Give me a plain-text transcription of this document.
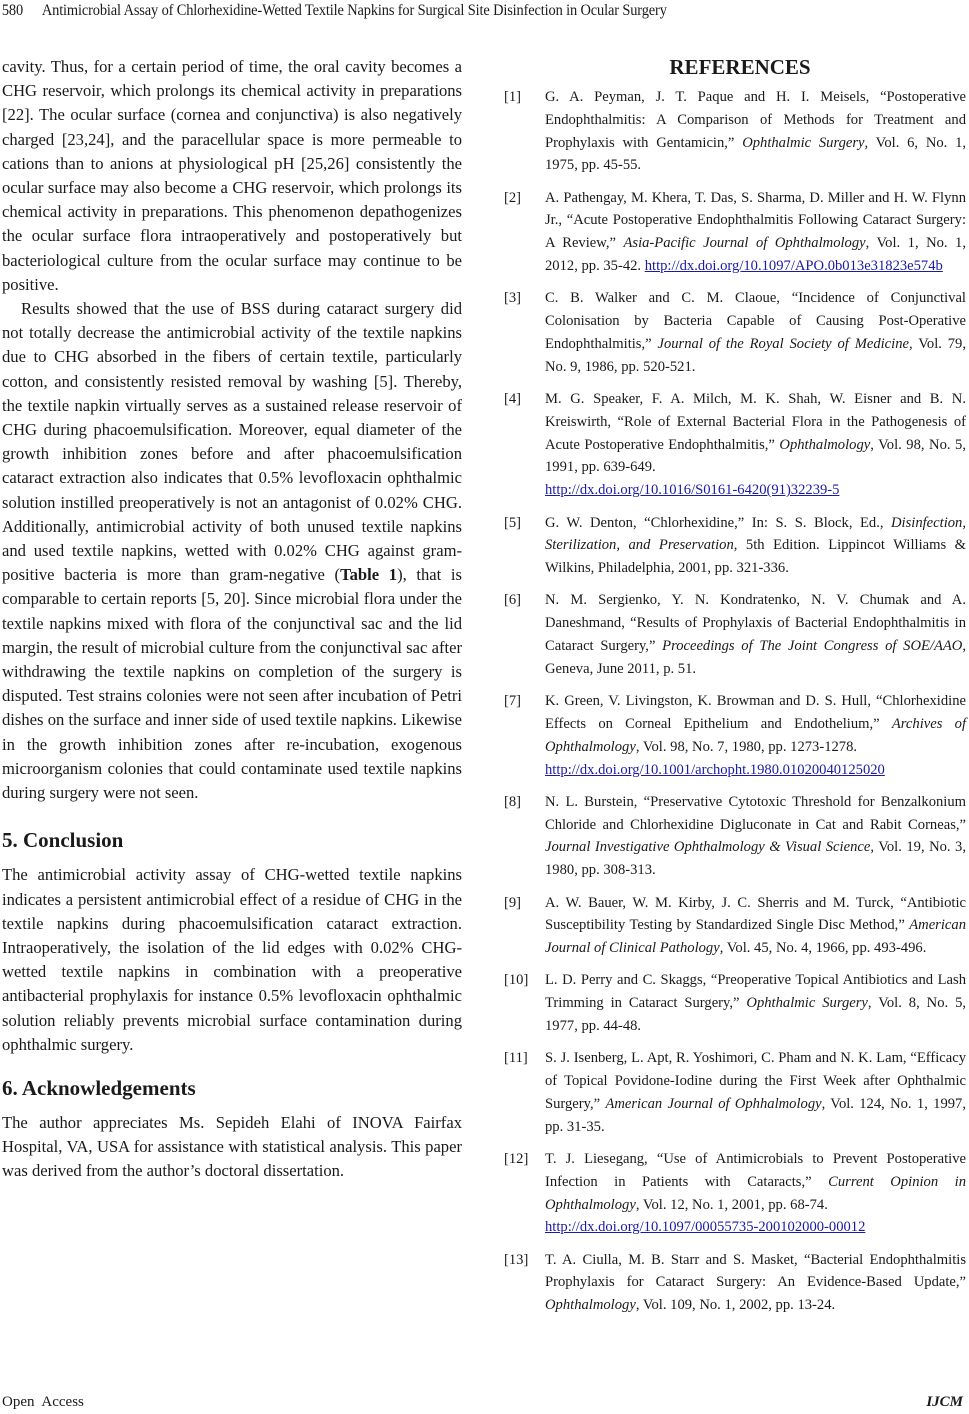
580 Antimicrobial Assay of Chlorhexidine-Wetted Textile Napkins for Surgical Site Disinfection in Ocular Surgery

cavity. Thus, for a certain period of time, the oral cavity becomes a CHG reservoir, which prolongs its chemical activity in preparations [22]. The ocular surface (cornea and conjunctiva) is also negatively charged [23,24], and the paracellular space is more permeable to cations than to anions at physiological pH [25,26] consistently the ocular surface may also become a CHG reservoir, which prolongs its chemical activity in preparations. This phenomenon depathogenizes the ocular surface flora intraoperatively and postoperatively but bacteriological culture from the ocular surface may continue to be positive.

Results showed that the use of BSS during cataract surgery did not totally decrease the antimicrobial activity of the textile napkins due to CHG absorbed in the fibers of certain textile, particularly cotton, and consistently resisted removal by washing [5]. Thereby, the textile napkin virtually serves as a sustained release reservoir of CHG during phacoemulsification. Moreover, equal diameter of the growth inhibition zones before and after phacoemulsification cataract extraction also indicates that 0.5% levofloxacin ophthalmic solution instilled preoperatively is not an antagonist of 0.02% CHG. Additionally, antimicrobial activity of both unused textile napkins and used textile napkins, wetted with 0.02% CHG against gram-positive bacteria is more than gram-negative (Table 1), that is comparable to certain reports [5, 20]. Since microbial flora under the textile napkins mixed with flora of the conjunctival sac and the lid margin, the result of microbial culture from the conjunctival sac after withdrawing the textile napkins on completion of the surgery is disputed. Test strains colonies were not seen after incubation of Petri dishes on the surface and inner side of used textile napkins. Likewise in the growth inhibition zones after re-incubation, exogenous microorganism colonies that could contaminate used textile napkins during surgery were not seen.

5. Conclusion

The antimicrobial activity assay of CHG-wetted textile napkins indicates a persistent antimicrobial effect of a residue of CHG in the textile napkins during phacoemulsification cataract extraction. Intraoperatively, the isolation of the lid edges with 0.02% CHG-wetted textile napkins in combination with a preoperative antibacterial prophylaxis for instance 0.5% levofloxacin ophthalmic solution reliably prevents microbial surface contamination during ophthalmic surgery.

6. Acknowledgements

The author appreciates Ms. Sepideh Elahi of INOVA Fairfax Hospital, VA, USA for assistance with statistical analysis. This paper was derived from the author’s doctoral dissertation.

REFERENCES
[1]	G. A. Peyman, J. T. Paque and H. I. Meisels, “Postoperative Endophthalmitis: A Comparison of Methods for Treatment and Prophylaxis with Gentamicin,” Ophthalmic Surgery, Vol. 6, No. 1, 1975, pp. 45-55.
[2]	A. Pathengay, M. Khera, T. Das, S. Sharma, D. Miller and H. W. Flynn Jr., “Acute Postoperative Endophthalmitis Following Cataract Surgery: A Review,” Asia-Pacific Journal of Ophthalmology, Vol. 1, No. 1, 2012, pp. 35-42. http://dx.doi.org/10.1097/APO.0b013e31823e574b
[3]	C. B. Walker and C. M. Claoue, “Incidence of Conjunctival Colonisation by Bacteria Capable of Causing Post-Operative Endophthalmitis,” Journal of the Royal Society of Medicine, Vol. 79, No. 9, 1986, pp. 520-521.
[4]	M. G. Speaker, F. A. Milch, M. K. Shah, W. Eisner and B. N. Kreiswirth, “Role of External Bacterial Flora in the Pathogenesis of Acute Postoperative Endophthalmitis,” Ophthalmology, Vol. 98, No. 5, 1991, pp. 639-649.
http://dx.doi.org/10.1016/S0161-6420(91)32239-5
[5]	G. W. Denton, “Chlorhexidine,” In: S. S. Block, Ed., Disinfection, Sterilization, and Preservation, 5th Edition. Lippincot Williams & Wilkins, Philadelphia, 2001, pp. 321-336.
[6]	N. M. Sergienko, Y. N. Kondratenko, N. V. Chumak and A. Daneshmand, “Results of Prophylaxis of Bacterial Endophthalmitis in Cataract Surgery,” Proceedings of The Joint Congress of SOE/AAO, Geneva, June 2011, p. 51.
[7]	K. Green, V. Livingston, K. Browman and D. S. Hull, “Chlorhexidine Effects on Corneal Epithelium and Endothelium,” Archives of Ophthalmology, Vol. 98, No. 7, 1980, pp. 1273-1278.
http://dx.doi.org/10.1001/archopht.1980.01020040125020
[8]	N. L. Burstein, “Preservative Cytotoxic Threshold for Benzalkonium Chloride and Chlorhexidine Digluconate in Cat and Rabit Corneas,” Journal Investigative Ophthalmology & Visual Science, Vol. 19, No. 3, 1980, pp. 308-313.
[9]	A. W. Bauer, W. M. Kirby, J. C. Sherris and M. Turck, “Antibiotic Susceptibility Testing by Standardized Single Disc Method,” American Journal of Clinical Pathology, Vol. 45, No. 4, 1966, pp. 493-496.
[10]	L. D. Perry and C. Skaggs, “Preoperative Topical Antibiotics and Lash Trimming in Cataract Surgery,” Ophthalmic Surgery, Vol. 8, No. 5, 1977, pp. 44-48.
[11]	S. J. Isenberg, L. Apt, R. Yoshimori, C. Pham and N. K. Lam, “Efficacy of Topical Povidone-Iodine during the First Week after Ophthalmic Surgery,” American Journal of Ophhalmology, Vol. 124, No. 1, 1997, pp. 31-35.
[12]	T. J. Liesegang, “Use of Antimicrobials to Prevent Postoperative Infection in Patients with Cataracts,” Current Opinion in Ophthalmology, Vol. 12, No. 1, 2001, pp. 68-74.
http://dx.doi.org/10.1097/00055735-200102000-00012
[13]	T. A. Ciulla, M. B. Starr and S. Masket, “Bacterial Endophthalmitis Prophylaxis for Cataract Surgery: An Evidence-Based Update,” Ophthalmology, Vol. 109, No. 1, 2002, pp. 13-24.
Open Access	IJCM
